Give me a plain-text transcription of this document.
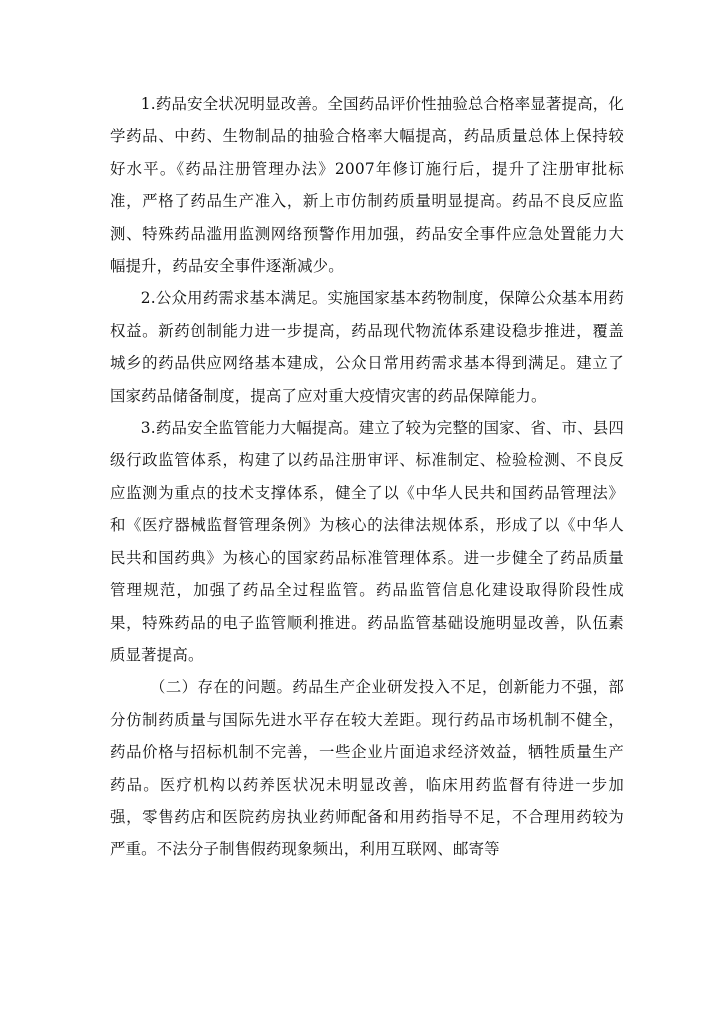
1.药品安全状况明显改善。全国药品评价性抽验总合格率显著提高，化学药品、中药、生物制品的抽验合格率大幅提高，药品质量总体上保持较好水平。《药品注册管理办法》2007年修订施行后，提升了注册审批标准，严格了药品生产准入，新上市仿制药质量明显提高。药品不良反应监测、特殊药品滥用监测网络预警作用加强，药品安全事件应急处置能力大幅提升，药品安全事件逐渐减少。

2.公众用药需求基本满足。实施国家基本药物制度，保障公众基本用药权益。新药创制能力进一步提高，药品现代物流体系建设稳步推进，覆盖城乡的药品供应网络基本建成，公众日常用药需求基本得到满足。建立了国家药品储备制度，提高了应对重大疫情灾害的药品保障能力。

3.药品安全监管能力大幅提高。建立了较为完整的国家、省、市、县四级行政监管体系，构建了以药品注册审评、标准制定、检验检测、不良反应监测为重点的技术支撑体系，健全了以《中华人民共和国药品管理法》和《医疗器械监督管理条例》为核心的法律法规体系，形成了以《中华人民共和国药典》为核心的国家药品标准管理体系。进一步健全了药品质量管理规范，加强了药品全过程监管。药品监管信息化建设取得阶段性成果，特殊药品的电子监管顺利推进。药品监管基础设施明显改善，队伍素质显著提高。

（二）存在的问题。药品生产企业研发投入不足，创新能力不强，部分仿制药质量与国际先进水平存在较大差距。现行药品市场机制不健全，药品价格与招标机制不完善，一些企业片面追求经济效益，牺牲质量生产药品。医疗机构以药养医状况未明显改善，临床用药监督有待进一步加强，零售药店和医院药房执业药师配备和用药指导不足，不合理用药较为严重。不法分子制售假药现象频出，利用互联网、邮寄等
